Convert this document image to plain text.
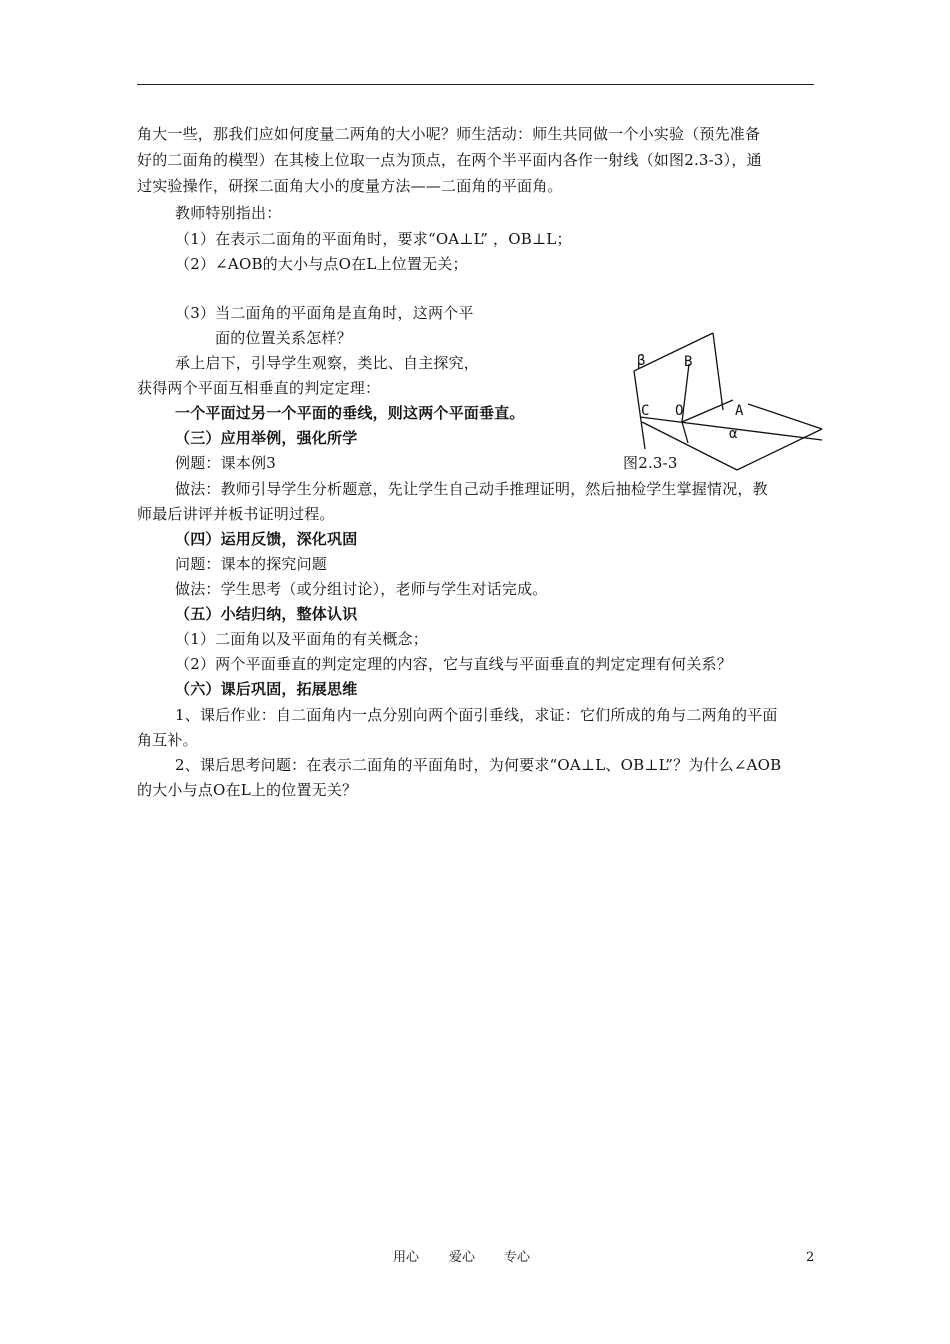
角大一些，那我们应如何度量二两角的大小呢？师生活动：师生共同做一个小实验（预先准备
好的二面角的模型）在其棱上位取一点为顶点，在两个半平面内各作一射线（如图2.3-3），通
过实验操作，研探二面角大小的度量方法——二面角的平面角。
教师特别指出：
（1）在表示二面角的平面角时，要求“OA⊥L” ，OB⊥L；
（2）∠AOB的大小与点O在L上位置无关；
（3）当二面角的平面角是直角时，这两个平
面的位置关系怎样？
承上启下，引导学生观察，类比、自主探究，
获得两个平面互相垂直的判定定理：
一个平面过另一个平面的垂线，则这两个平面垂直。
（三）应用举例，强化所学
例题：课本例3
做法：教师引导学生分析题意，先让学生自己动手推理证明，然后抽检学生掌握情况，教
师最后讲评并板书证明过程。
（四）运用反馈，深化巩固
问题：课本的探究问题
做法：学生思考（或分组讨论），老师与学生对话完成。
（五）小结归纳，整体认识
（1）二面角以及平面角的有关概念；
（2）两个平面垂直的判定定理的内容，它与直线与平面垂直的判定定理有何关系？
（六）课后巩固，拓展思维
1、课后作业：自二面角内一点分别向两个面引垂线，求证：它们所成的角与二两角的平面
角互补。
2、课后思考问题：在表示二面角的平面角时，为何要求“OA⊥L、OB⊥L”？为什么∠AOB
的大小与点O在L上的位置无关？
β	B
C O	A
α
图2.3-3
用心 爱心 专心	2
